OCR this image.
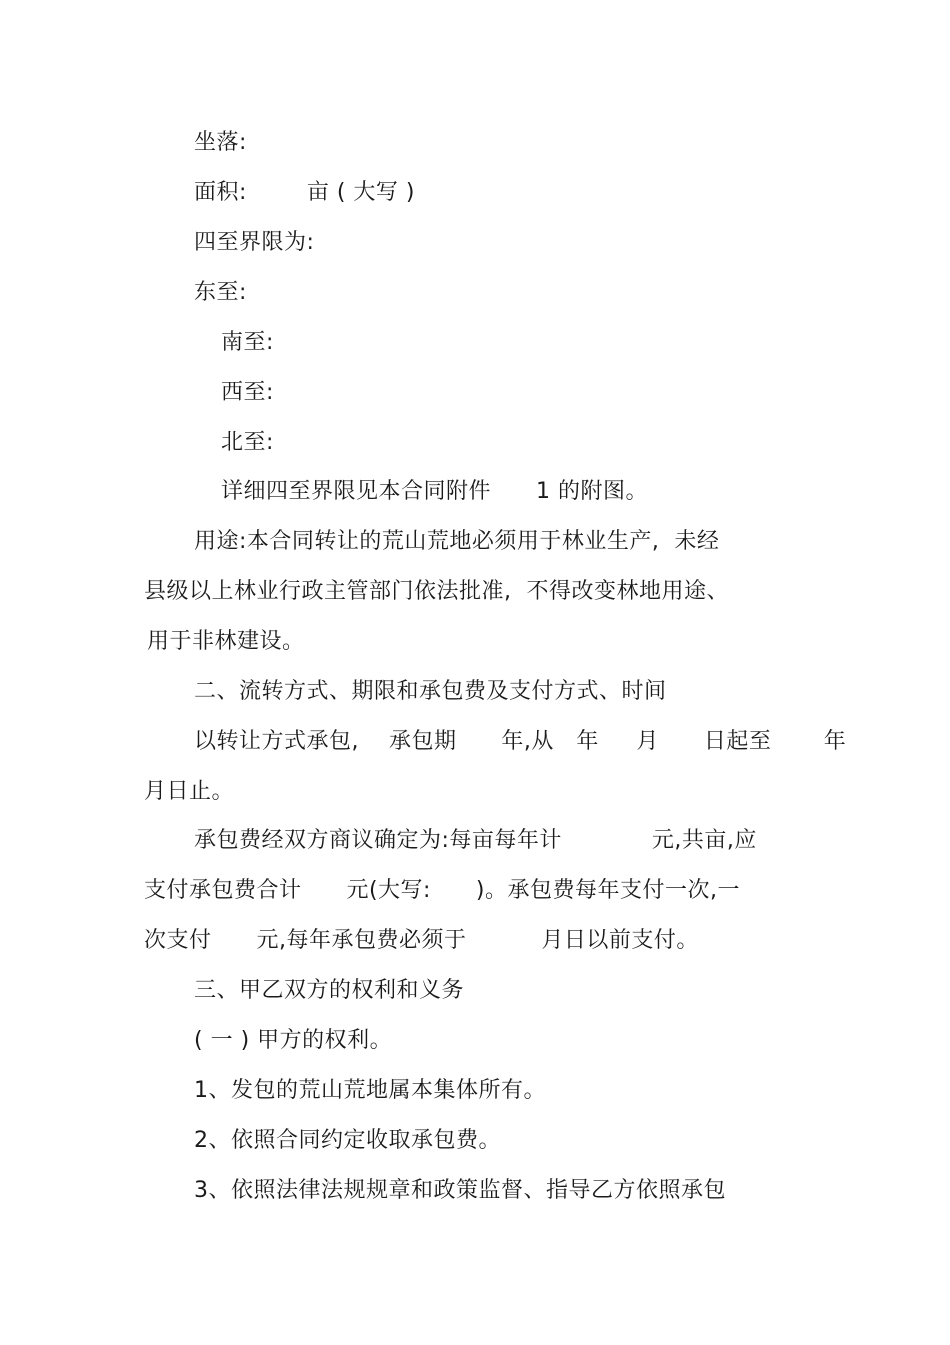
坐落:
面积:        亩 ( 大写 )
四至界限为:
东至:
南至:
西至:
北至:
详细四至界限见本合同附件      1 的附图。
用途:本合同转让的荒山荒地必须用于林业生产,  未经
县级以上林业行政主管部门依法批准,  不得改变林地用途、
用于非林建设。
二、流转方式、期限和承包费及支付方式、时间
以转让方式承包,    承包期      年,从   年     月      日起至       年
月日止。
承包费经双方商议确定为:每亩每年计            元,共亩,应
支付承包费合计      元(大写:      )。承包费每年支付一次,一
次支付      元,每年承包费必须于          月日以前支付。
三、甲乙双方的权利和义务
( 一 ) 甲方的权利。
1、发包的荒山荒地属本集体所有。
2、依照合同约定收取承包费。
3、依照法律法规规章和政策监督、指导乙方依照承包
